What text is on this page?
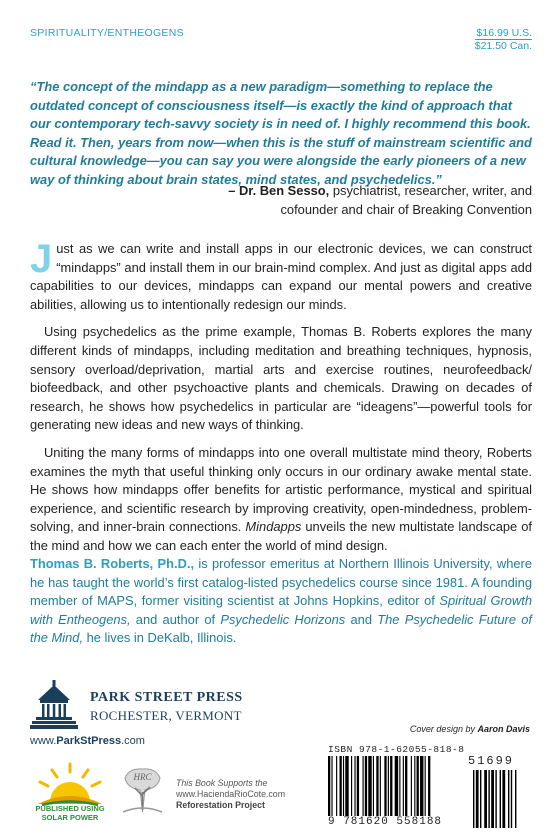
SPIRITUALITY/ENTHEOGENS	$16.99 U.S.
$21.50 Can.
“The concept of the mindapp as a new paradigm—something to replace the outdated concept of consciousness itself—is exactly the kind of approach that our contemporary tech-savvy society is in need of. I highly recommend this book. Read it. Then, years from now—when this is the stuff of mainstream scientific and cultural knowledge—you can say you were alongside the early pioneers of a new way of thinking about brain states, mind states, and psychedelics.”
– Dr. Ben Sesso, psychiatrist, researcher, writer, and cofounder and chair of Breaking Convention

Just as we can write and install apps in our electronic devices, we can construct “mindapps” and install them in our brain-mind complex. And just as digital apps add capabilities to our devices, mindapps can expand our mental powers and creative abilities, allowing us to intentionally redesign our minds.

Using psychedelics as the prime example, Thomas B. Roberts explores the many different kinds of mindapps, including meditation and breathing techniques, hypnosis, sensory overload/deprivation, martial arts and exercise routines, neurofeedback/ biofeedback, and other psychoactive plants and chemicals. Drawing on decades of research, he shows how psychedelics in particular are “ideagens”—powerful tools for generating new ideas and new ways of thinking.

Uniting the many forms of mindapps into one overall multistate mind theory, Roberts examines the myth that useful thinking only occurs in our ordinary awake mental state. He shows how mindapps offer benefits for artistic performance, mystical and spiritual experience, and scientific research by improving creativity, open-mindedness, problem-solving, and inner-brain connections. Mindapps unveils the new multistate landscape of the mind and how we can each enter the world of mind design.

Thomas B. Roberts, Ph.D., is professor emeritus at Northern Illinois University, where he has taught the world’s first catalog-listed psychedelics course since 1981. A founding member of MAPS, former visiting scientist at Johns Hopkins, editor of Spiritual Growth with Entheogens, and author of Psychedelic Horizons and The Psychedelic Future of the Mind, he lives in DeKalb, Illinois.
PARK STREET PRESS
ROCHESTER, VERMONT
www.ParkStPress.com
Cover design by Aaron Davis
PUBLISHED USING
SOLAR POWER
HRC
This Book Supports the
www.HaciendaRioCote.com
Reforestation Project
ISBN 978-1-62055-818-8
51699
9 781620 558188
